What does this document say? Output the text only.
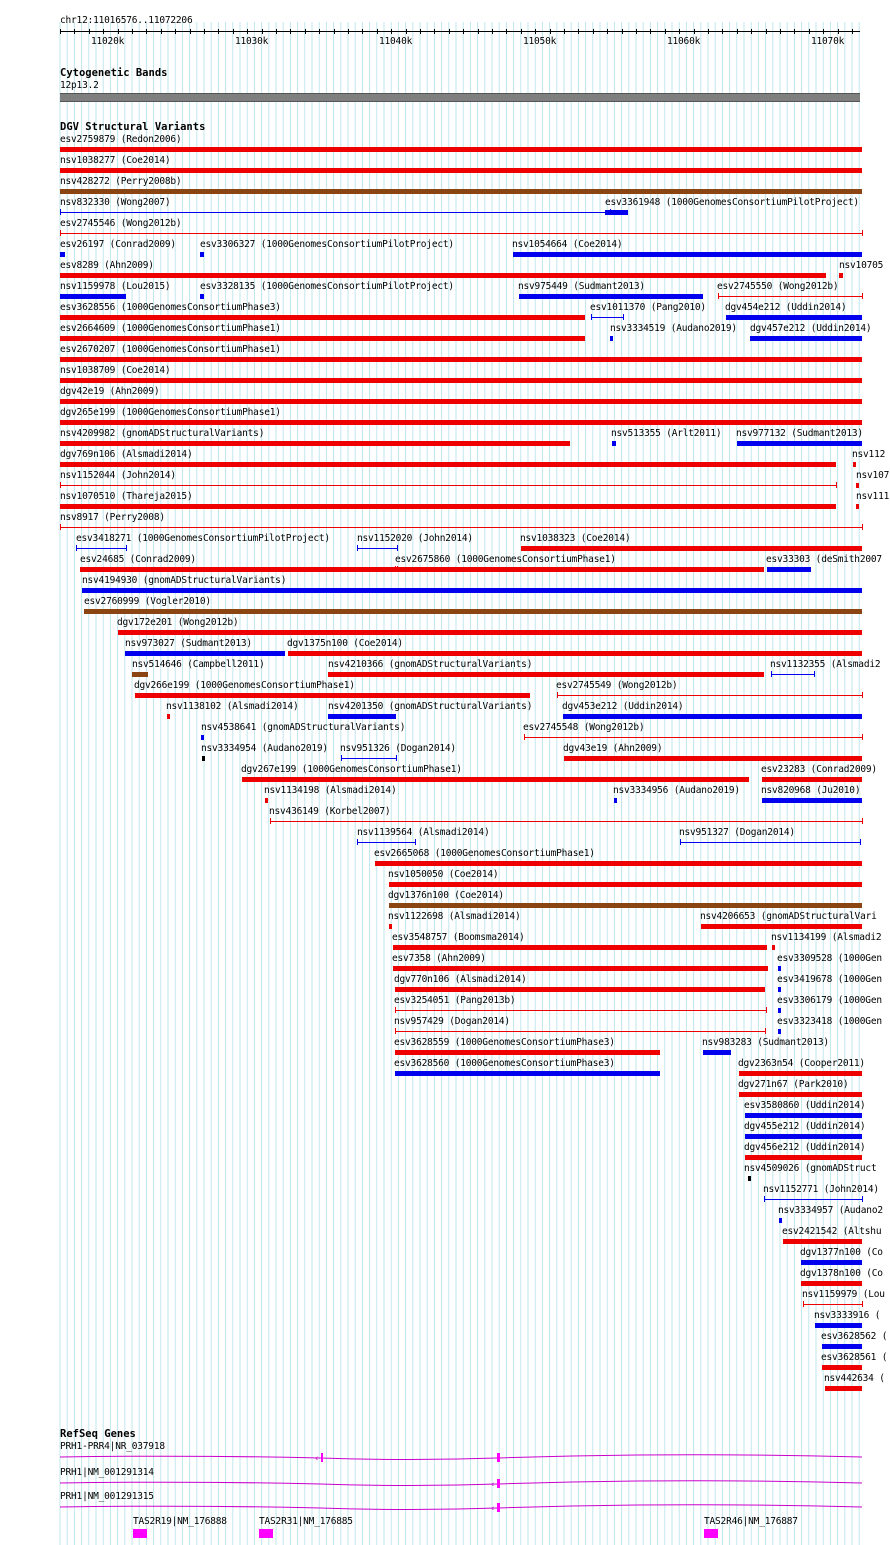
chr12:11016576..11072206
11020k	11030k	11040k	11050k	11060k	11070k
Cytogenetic Bands
12p13.2
DGV Structural Variants
esv2759879 (Redon2006)
nsv1038277 (Coe2014)
nsv428272 (Perry2008b)
nsv832330 (Wong2007)	esv3361948 (1000GenomesConsortiumPilotProject)
esv2745546 (Wong2012b)
esv26197 (Conrad2009)	esv3306327 (1000GenomesConsortiumPilotProject)	nsv1054664 (Coe2014)
esv8289 (Ahn2009)	nsv10705
nsv1159978 (Lou2015)	esv3328135 (1000GenomesConsortiumPilotProject)	nsv975449 (Sudmant2013)	esv2745550 (Wong2012b)
esv3628556 (1000GenomesConsortiumPhase3)	esv1011370 (Pang2010) dgv454e212 (Uddin2014)
esv2664609 (1000GenomesConsortiumPhase1)	nsv3334519 (Audano2019) dgv457e212 (Uddin2014)
esv2670207 (1000GenomesConsortiumPhase1)
nsv1038709 (Coe2014)
dgv42e19 (Ahn2009)
dgv265e199 (1000GenomesConsortiumPhase1)
nsv4209982 (gnomADStructuralVariants)	nsv513355 (Arlt2011) nsv977132 (Sudmant2013)
dgv769n106 (Alsmadi2014)	nsv112
nsv1152044 (John2014)	nsv107
nsv1070510 (Thareja2015)	nsv111
nsv8917 (Perry2008)
esv3418271 (1000GenomesConsortiumPilotProject)	nsv1152020 (John2014)	nsv1038323 (Coe2014)
esv24685 (Conrad2009)	esv2675860 (1000GenomesConsortiumPhase1)	esv33303 (deSmith2007
nsv4194930 (gnomADStructuralVariants)
esv2760999 (Vogler2010)
dgv172e201 (Wong2012b)
nsv973027 (Sudmant2013)	dgv1375n100 (Coe2014)
nsv514646 (Campbell2011)	nsv4210366 (gnomADStructuralVariants)	nsv1132355 (Alsmadi2
dgv266e199 (1000GenomesConsortiumPhase1)	esv2745549 (Wong2012b)
nsv1138102 (Alsmadi2014)	nsv4201350 (gnomADStructuralVariants)	dgv453e212 (Uddin2014)
nsv4538641 (gnomADStructuralVariants)	esv2745548 (Wong2012b)
nsv3334954 (Audano2019) nsv951326 (Dogan2014)	dgv43e19 (Ahn2009)
dgv267e199 (1000GenomesConsortiumPhase1)	esv23283 (Conrad2009)
nsv1134198 (Alsmadi2014)	nsv3334956 (Audano2019) nsv820968 (Ju2010)
nsv436149 (Korbel2007)
nsv1139564 (Alsmadi2014)	nsv951327 (Dogan2014)
esv2665068 (1000GenomesConsortiumPhase1)
nsv1050050 (Coe2014)
dgv1376n100 (Coe2014)
nsv1122698 (Alsmadi2014)	nsv4206653 (gnomADStructuralVari
esv3548757 (Boomsma2014)	nsv1134199 (Alsmadi2
esv7358 (Ahn2009)	esv3309528 (1000Gen
dgv770n106 (Alsmadi2014)	esv3419678 (1000Gen
esv3254051 (Pang2013b)	esv3306179 (1000Gen
nsv957429 (Dogan2014)	esv3323418 (1000Gen
esv3628559 (1000GenomesConsortiumPhase3)	nsv983283 (Sudmant2013)
esv3628560 (1000GenomesConsortiumPhase3)	dgv2363n54 (Cooper2011)
dgv271n67 (Park2010)
esv3580860 (Uddin2014)
dgv455e212 (Uddin2014)
dgv456e212 (Uddin2014)
nsv4509026 (gnomADStruct
nsv1152771 (John2014)
nsv3334957 (Audano2
esv2421542 (Altshu
dgv1377n100 (Co
dgv1378n100 (Co
nsv1159979 (Lou
nsv3333916 (
esv3628562 (
esv3628561 (
nsv442634 (
RefSeq Genes
PRH1-PRR4|NR_037918
‹
PRH1|NM_001291314
‹
PRH1|NM_001291315
‹
TAS2R19|NM_176888	TAS2R31|NM_176885	TAS2R46|NM_176887
